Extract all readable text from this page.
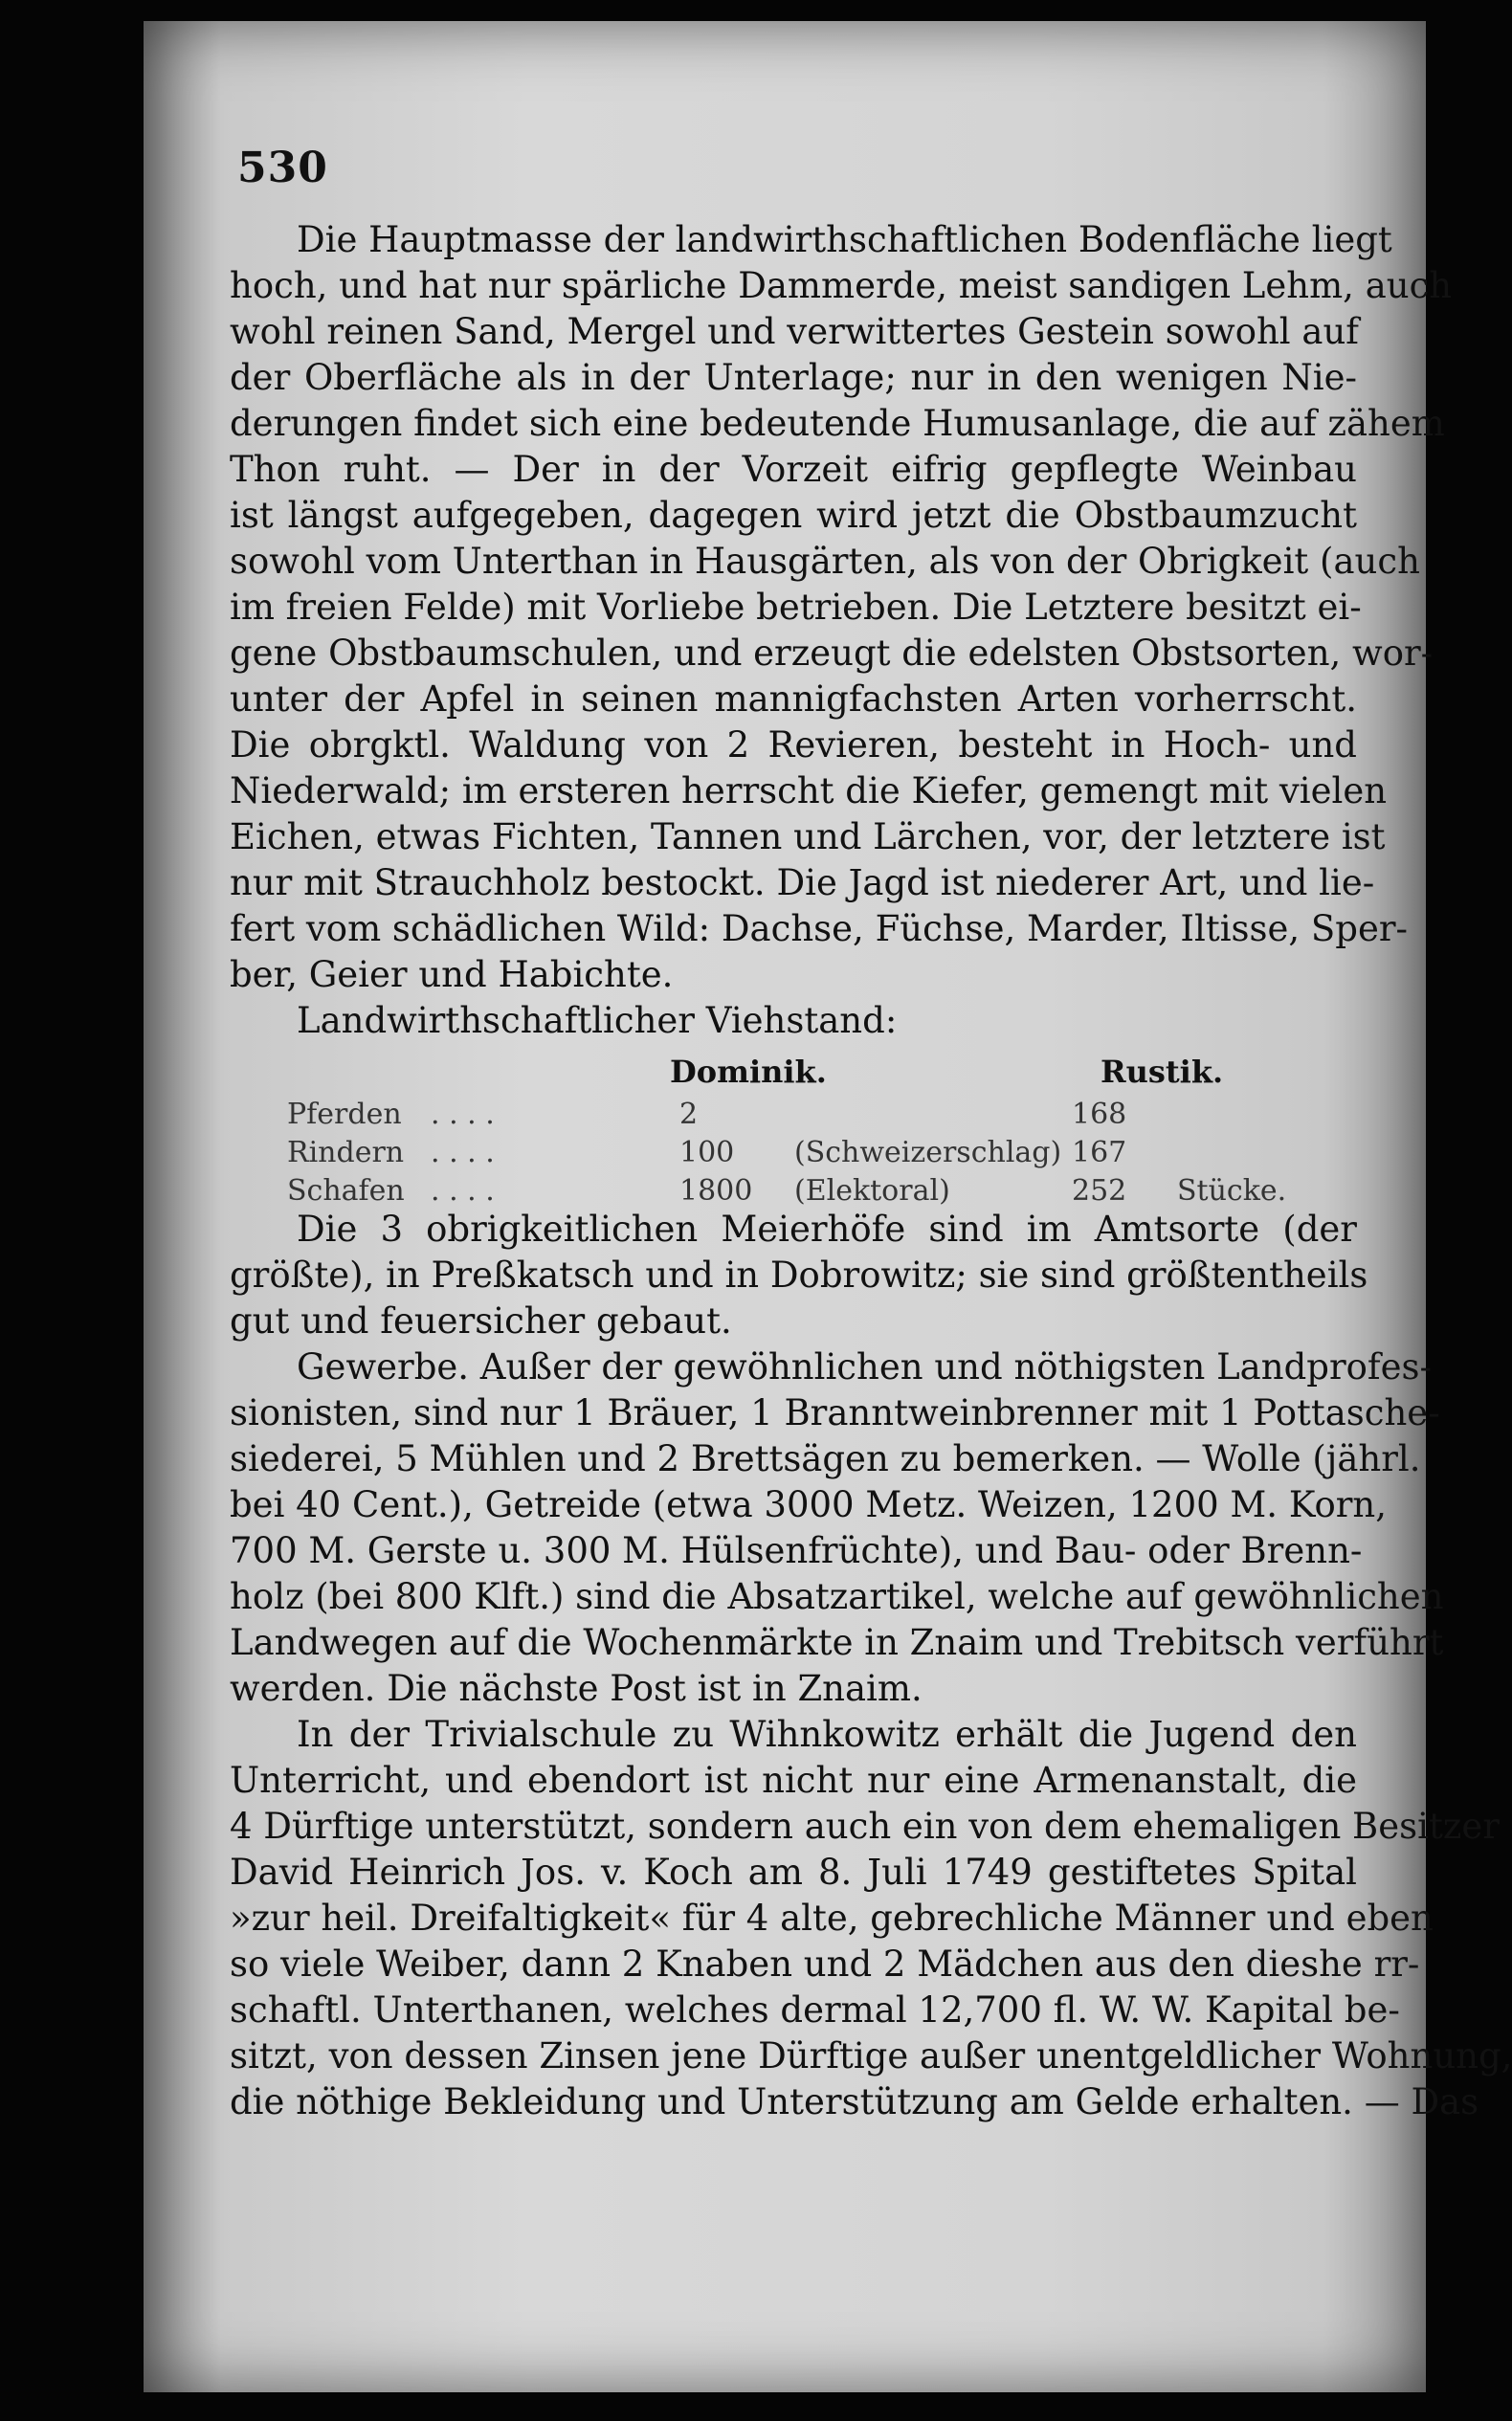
530
Die Hauptmasse der landwirthschaftlichen Bodenfläche liegt
hoch, und hat nur spärliche Dammerde, meist sandigen Lehm, auch
wohl reinen Sand, Mergel und verwittertes Gestein sowohl auf
der Oberfläche als in der Unterlage; nur in den wenigen Nie-
derungen findet sich eine bedeutende Humusanlage, die auf zähem
Thon ruht. — Der in der Vorzeit eifrig gepflegte Weinbau
ist längst aufgegeben, dagegen wird jetzt die Obstbaumzucht
sowohl vom Unterthan in Hausgärten, als von der Obrigkeit (auch
im freien Felde) mit Vorliebe betrieben. Die Letztere besitzt ei-
gene Obstbaumschulen, und erzeugt die edelsten Obstsorten, wor-
unter der Apfel in seinen mannigfachsten Arten vorherrscht.
Die obrgktl. Waldung von 2 Revieren, besteht in Hoch- und
Niederwald; im ersteren herrscht die Kiefer, gemengt mit vielen
Eichen, etwas Fichten, Tannen und Lärchen, vor, der letztere ist
nur mit Strauchholz bestockt. Die Jagd ist niederer Art, und lie-
fert vom schädlichen Wild: Dachse, Füchse, Marder, Iltisse, Sper-
ber, Geier und Habichte.
Landwirthschaftlicher Viehstand:
Dominik.	Rustik.
Pferden . . . .	2	168
Rindern . . . .	100 (Schweizerschlag) 167
Schafen . . . .	1800 (Elektoral)	252 Stücke.
Die 3 obrigkeitlichen Meierhöfe sind im Amtsorte (der
größte), in Preßkatsch und in Dobrowitz; sie sind größtentheils
gut und feuersicher gebaut.
Gewerbe. Außer der gewöhnlichen und nöthigsten Landprofes-
sionisten, sind nur 1 Bräuer, 1 Branntweinbrenner mit 1 Pottasche-
siederei, 5 Mühlen und 2 Brettsägen zu bemerken. — Wolle (jährl.
bei 40 Cent.), Getreide (etwa 3000 Metz. Weizen, 1200 M. Korn,
700 M. Gerste u. 300 M. Hülsenfrüchte), und Bau- oder Brenn-
holz (bei 800 Klft.) sind die Absatzartikel, welche auf gewöhnlichen
Landwegen auf die Wochenmärkte in Znaim und Trebitsch verführt
werden. Die nächste Post ist in Znaim.
In der Trivialschule zu Wihnkowitz erhält die Jugend den
Unterricht, und ebendort ist nicht nur eine Armenanstalt, die
4 Dürftige unterstützt, sondern auch ein von dem ehemaligen Besitzer
David Heinrich Jos. v. Koch am 8. Juli 1749 gestiftetes Spital
»zur heil. Dreifaltigkeit« für 4 alte, gebrechliche Männer und eben
so viele Weiber, dann 2 Knaben und 2 Mädchen aus den dieshe rr-
schaftl. Unterthanen, welches dermal 12,700 fl. W. W. Kapital be-
sitzt, von dessen Zinsen jene Dürftige außer unentgeldlicher Wohnung,
die nöthige Bekleidung und Unterstützung am Gelde erhalten. — Das
